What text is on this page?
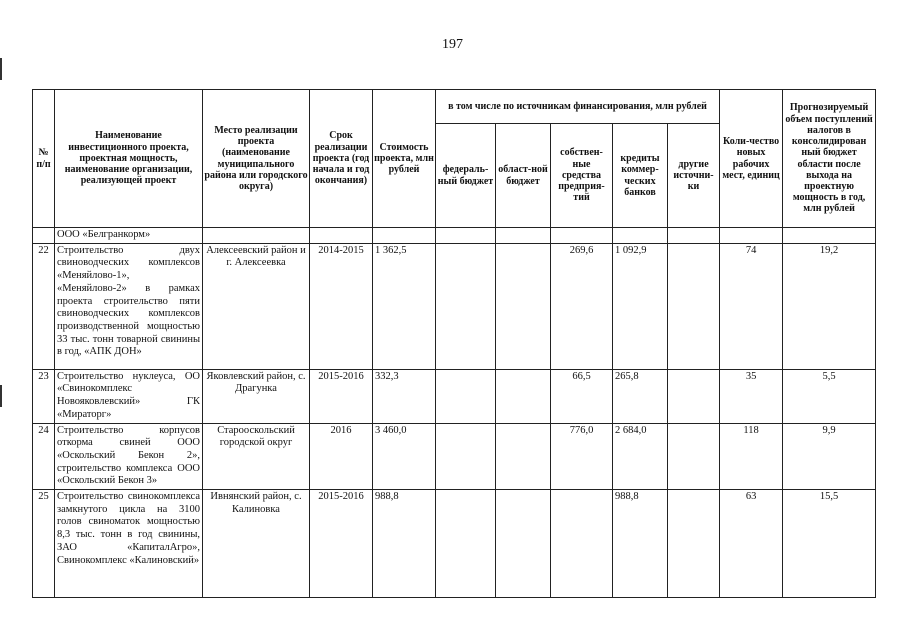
197
№ п/п	Наименование инвестиционного проекта, проектная мощность, наименование организации, реализующей проект	Место реализации проекта (наименование муниципального района или городского округа)	Срок реализации проекта (год начала и год окончания)	Стоимость проекта, млн рублей	в том числе по источникам финансирования, млн рублей					Коли-чество новых рабочих мест, единиц	Прогнозируемый объем поступлений налогов в консолидирован ный бюджет области после выхода на проектную мощность в год, млн рублей
					федераль-ный бюджет	област-ной бюджет	собствен-ные средства предприя-тий	кредиты коммер-ческих банков	другие источни-ки		
	ООО «Белгранкорм»										
22	Строительство двух свиноводческих комплексов «Меняйлово-1», «Меняйлово-2» в рамках проекта строительство пяти свиноводческих комплексов производственной мощностью 33 тыс. тонн товарной свинины в год, «АПК ДОН»	Алексеевский район и г. Алексеевка	2014-2015	1 362,5			269,6	1 092,9		74	19,2
23	Строительство нуклеуса, ОО «Свинокомплекс Новояковлевский» ГК «Мираторг»	Яковлевский район, с. Драгунка	2015-2016	332,3			66,5	265,8		35	5,5
24	Строительство корпусов откорма свиней ООО «Оскольский Бекон 2», строительство комплекса ООО «Оскольский Бекон 3»	Старооскольский городской округ	2016	3 460,0			776,0	2 684,0		118	9,9
25	Строительство свинокомплекса замкнутого цикла на 3100 голов свиноматок мощностью 8,3 тыс. тонн в год свинины, ЗАО «КапиталАгро», Свинокомплекс «Калиновский»	Ивнянский район, с. Калиновка	2015-2016	988,8				988,8		63	15,5
